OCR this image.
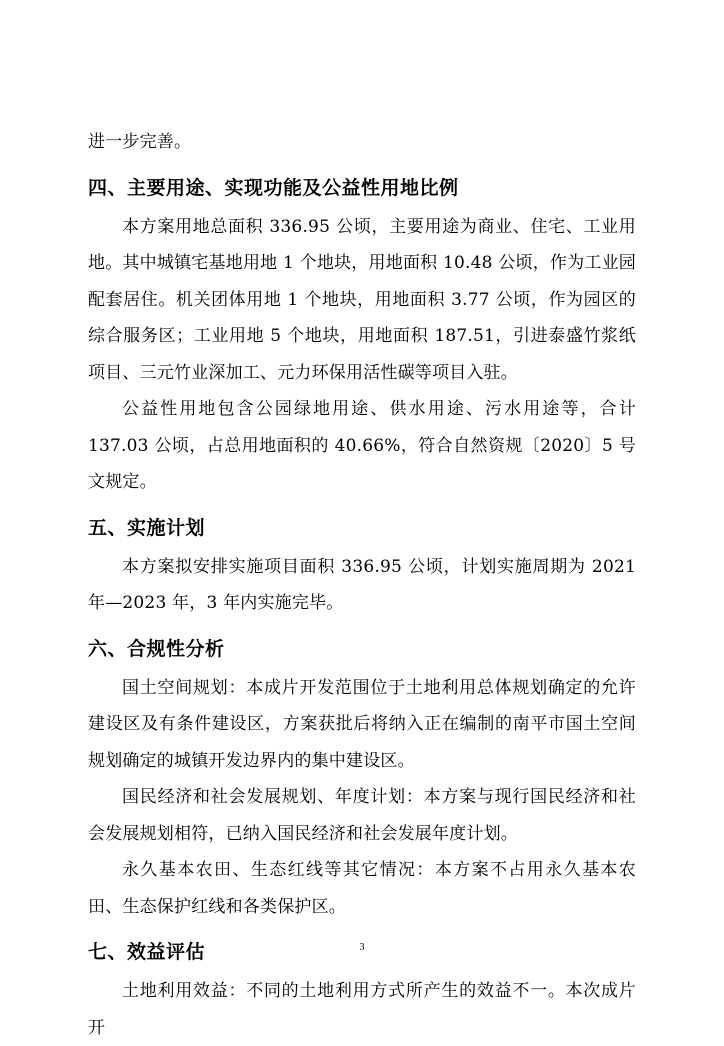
进一步完善。

四、主要用途、实现功能及公益性用地比例

本方案用地总面积 336.95 公顷，主要用途为商业、住宅、工业用地。其中城镇宅基地用地 1 个地块，用地面积 10.48 公顷，作为工业园配套居住。机关团体用地 1 个地块，用地面积 3.77 公顷，作为园区的综合服务区；工业用地 5 个地块，用地面积 187.51，引进泰盛竹浆纸项目、三元竹业深加工、元力环保用活性碳等项目入驻。

公益性用地包含公园绿地用途、供水用途、污水用途等，合计 137.03 公顷，占总用地面积的 40.66%，符合自然资规〔2020〕5 号文规定。

五、实施计划

本方案拟安排实施项目面积 336.95 公顷，计划实施周期为 2021 年—2023 年，3 年内实施完毕。

六、合规性分析

国土空间规划：本成片开发范围位于土地利用总体规划确定的允许建设区及有条件建设区，方案获批后将纳入正在编制的南平市国土空间规划确定的城镇开发边界内的集中建设区。

国民经济和社会发展规划、年度计划：本方案与现行国民经济和社会发展规划相符，已纳入国民经济和社会发展年度计划。

永久基本农田、生态红线等其它情况：本方案不占用永久基本农田、生态保护红线和各类保护区。

七、效益评估

土地利用效益：不同的土地利用方式所产生的效益不一。本次成片开

3
